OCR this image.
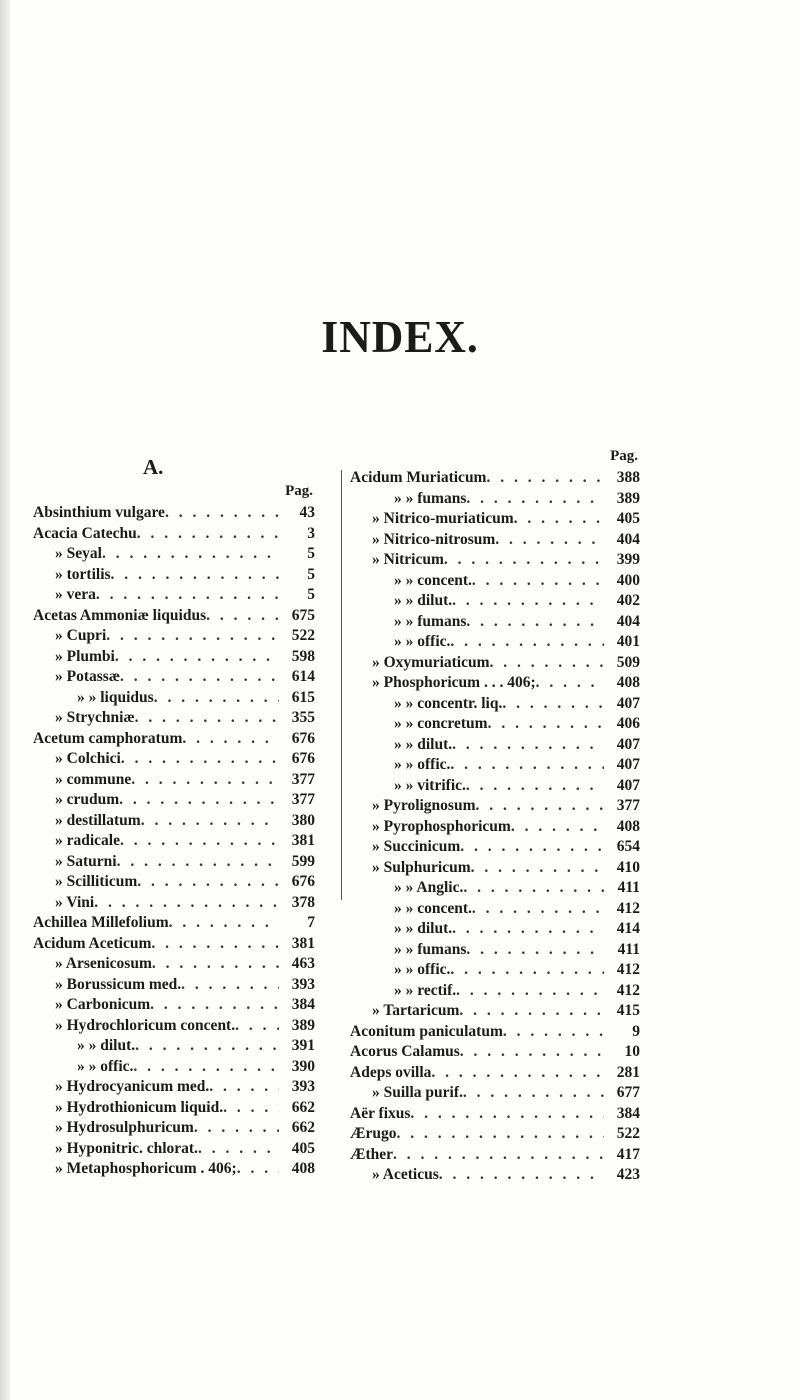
INDEX.
A.
Pag.
Absinthium vulgare . . .	43
Acacia Catechu . . .	3
» Seyal . . .	5
» tortilis . . .	5
» vera . . .	5
Acetas Ammoniæ liquidus . . .	675
» Cupri . . .	522
» Plumbi . . .	598
» Potassæ . . .	614
» » liquidus . . .	615
» Strychniæ . . .	355
Acetum camphoratum . . .	676
» Colchici . . .	676
» commune . . .	377
» crudum . . .	377
» destillatum . . .	380
» radicale . . .	381
» Saturni . . .	599
» Scilliticum . . .	676
» Vini . . .	378
Achillea Millefolium . . .	7
Acidum Aceticum . . .	381
» Arsenicosum . . .	463
» Borussicum med. . . .	393
» Carbonicum . . .	384
» Hydrochloricum concent. . . .	389
» » dilut. . . .	391
» » offic. . . .	390
» Hydrocyanicum med. . . .	393
» Hydrothionicum liquid. . . .	662
» Hydrosulphuricum . . .	662
» Hyponitric. chlorat. . . .	405
» Metaphosphoricum . 406; . . .	408
Pag.
Acidum Muriaticum . . .	388
» » fumans . . .	389
» Nitrico-muriaticum . . .	405
» Nitrico-nitrosum . . .	404
» Nitricum . . .	399
» » concent. . . .	400
» » dilut. . . .	402
» » fumans . . .	404
» » offic. . . .	401
» Oxymuriaticum . . .	509
» Phosphoricum . . . 406; . . .	408
» » concentr. liq. . . .	407
» » concretum . . .	406
» » dilut. . . .	407
» » offic. . . .	407
» » vitrific. . . .	407
» Pyrolignosum . . .	377
» Pyrophosphoricum . . .	408
» Succinicum . . .	654
» Sulphuricum . . .	410
» » Anglic. . . .	411
» » concent. . . .	412
» » dilut. . . .	414
» » fumans . . .	411
» » offic. . . .	412
» » rectif. . . .	412
» Tartaricum . . .	415
Aconitum paniculatum . . .	9
Acorus Calamus . . .	10
Adeps ovilla . . .	281
» Suilla purif. . . .	677
Aër fixus . . .	384
Ærugo . . .	522
Æther . . .	417
» Aceticus . . .	423
